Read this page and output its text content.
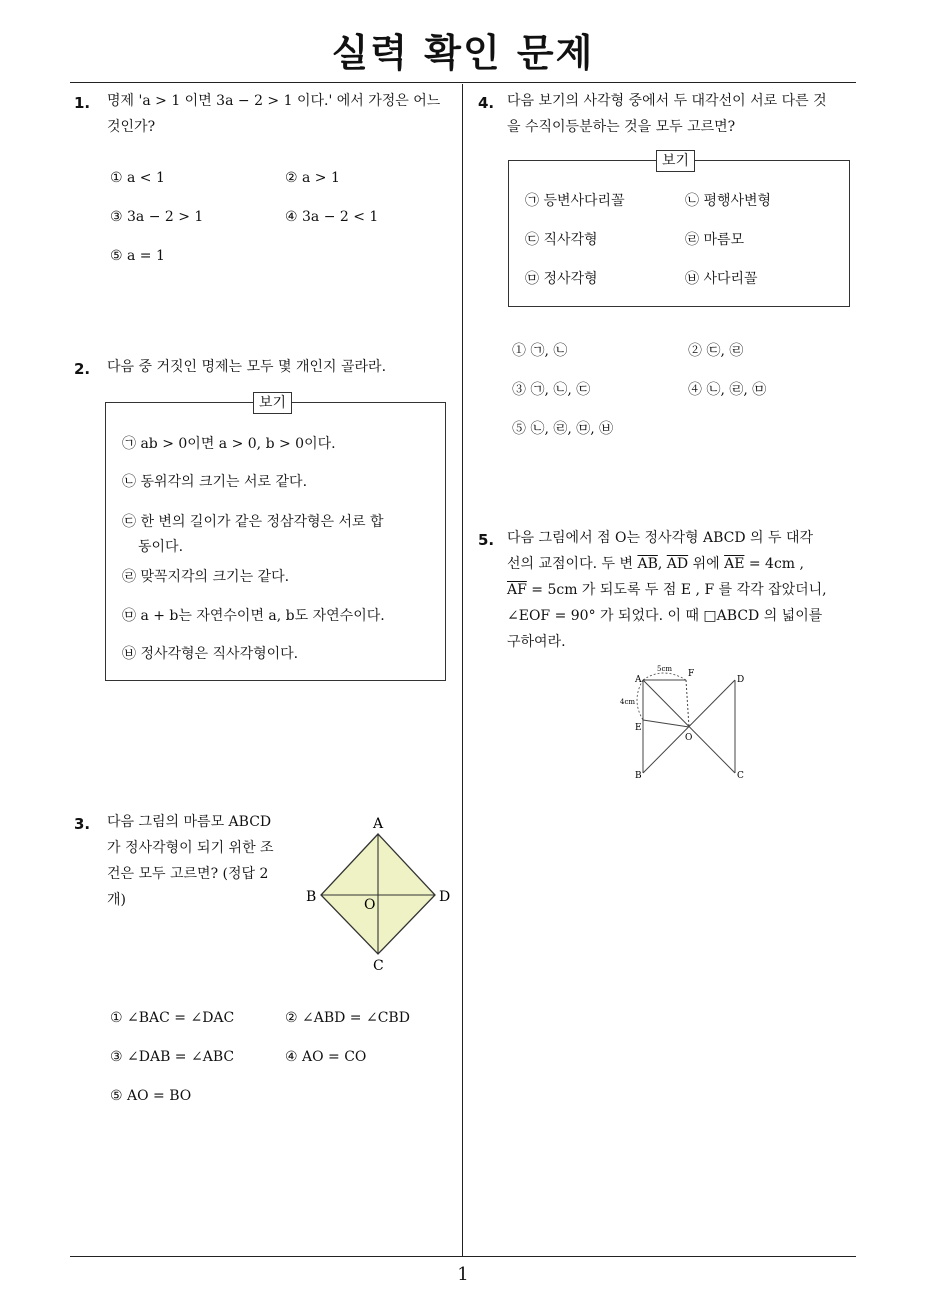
실력 확인 문제
1. 명제 'a > 1 이면 3a − 2 > 1 이다.' 에서 가정은 어느
것인가?
① a < 1	② a > 1
③ 3a − 2 > 1	④ 3a − 2 < 1
⑤ a = 1
2. 다음 중 거짓인 명제는 모두 몇 개인지 골라라.
보기
㉠ ab > 0이면 a > 0, b > 0이다.
㉡ 동위각의 크기는 서로 같다.
㉢ 한 변의 길이가 같은 정삼각형은 서로 합
동이다.
㉣ 맞꼭지각의 크기는 같다.
㉤ a + b는 자연수이면 a, b도 자연수이다.
㉥ 정사각형은 직사각형이다.
3. 다음 그림의 마름모 ABCD
가 정사각형이 되기 위한 조
건은 모두 고르면? (정답 2
개)
A
B
C
D
O
① ∠BAC = ∠DAC	② ∠ABD = ∠CBD
③ ∠DAB = ∠ABC	④ AO = CO
⑤ AO = BO
4. 다음 보기의 사각형 중에서 두 대각선이 서로 다른 것
을 수직이등분하는 것을 모두 고르면?
보기
㉠ 등변사다리꼴	㉡ 평행사변형
㉢ 직사각형	㉣ 마름모
㉤ 정사각형	㉥ 사다리꼴
① ㉠, ㉡	② ㉢, ㉣
③ ㉠, ㉡, ㉢	④ ㉡, ㉣, ㉤
⑤ ㉡, ㉣, ㉤, ㉥
5. 다음 그림에서 점 O는 정사각형 ABCD 의 두 대각
선의 교점이다. 두 변 $\overline{AB}$, $\overline{AD}$ 위에 $\overline{AE} = 4cm$ ,
$\overline{AF} = 5cm$ 가 되도록 두 점 E , F 를 각각 잡았더니,
∠EOF = 90° 가 되었다. 이 때 □ABCD 의 넓이를
구하여라.
A
B	C
D
E
F
O
5cm
4cm
1
